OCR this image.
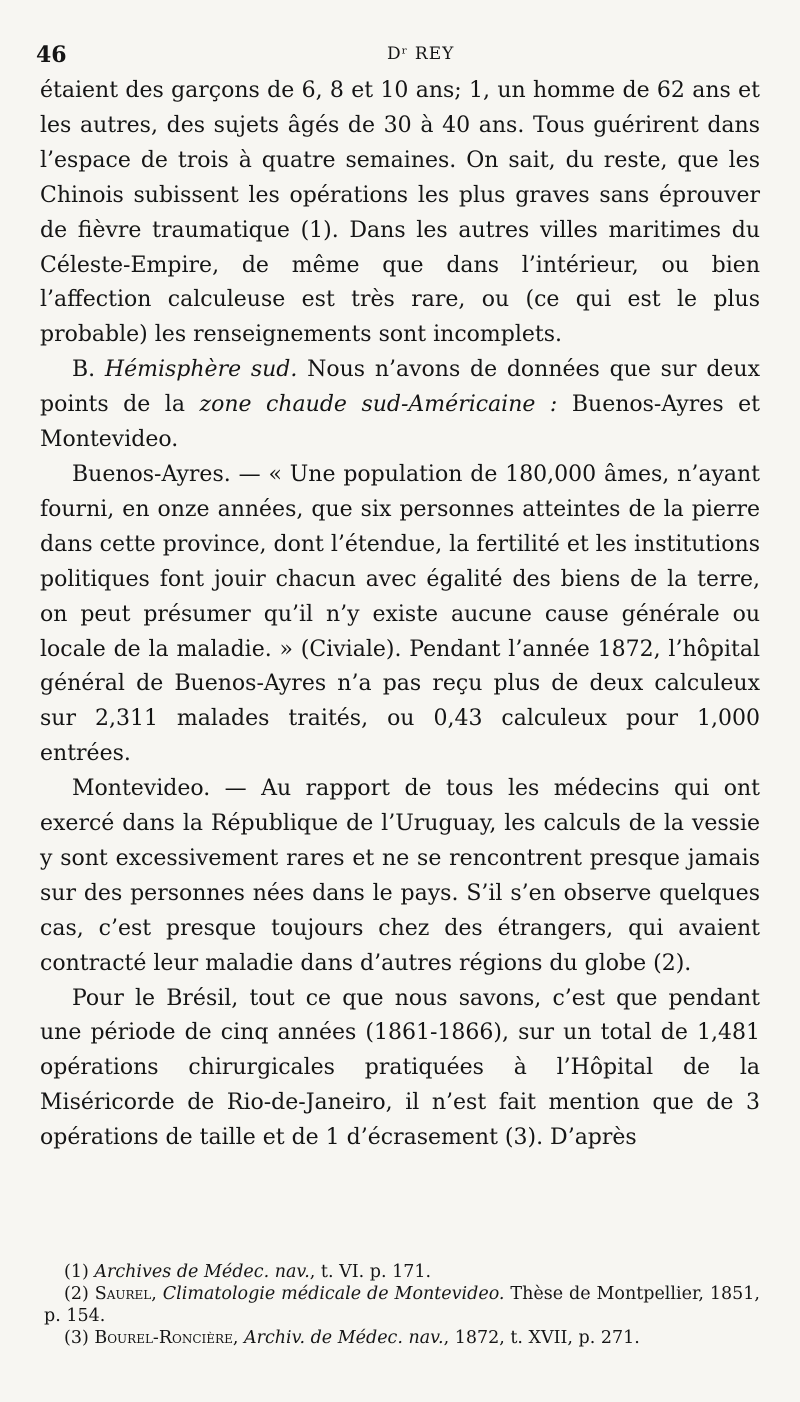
46	Dʳ REY

étaient des garçons de 6, 8 et 10 ans; 1, un homme de 62 ans et les autres, des sujets âgés de 30 à 40 ans. Tous guérirent dans l’espace de trois à quatre semaines. On sait, du reste, que les Chinois subissent les opérations les plus graves sans éprouver de fièvre traumatique (1). Dans les autres villes maritimes du Céleste-Empire, de même que dans l’intérieur, ou bien l’affection calculeuse est très rare, ou (ce qui est le plus probable) les renseignements sont incomplets.

B. Hémisphère sud. Nous n’avons de données que sur deux points de la zone chaude sud-Américaine : Buenos-Ayres et Montevideo.

Buenos-Ayres. — « Une population de 180,000 âmes, n’ayant fourni, en onze années, que six personnes atteintes de la pierre dans cette province, dont l’étendue, la fertilité et les institutions politiques font jouir chacun avec égalité des biens de la terre, on peut présumer qu’il n’y existe aucune cause générale ou locale de la maladie. » (Civiale). Pendant l’année 1872, l’hôpital général de Buenos-Ayres n’a pas reçu plus de deux calculeux sur 2,311 malades traités, ou 0,43 calculeux pour 1,000 entrées.

Montevideo. — Au rapport de tous les médecins qui ont exercé dans la République de l’Uruguay, les calculs de la vessie y sont excessivement rares et ne se rencontrent presque jamais sur des personnes nées dans le pays. S’il s’en observe quelques cas, c’est presque toujours chez des étrangers, qui avaient contracté leur maladie dans d’autres régions du globe (2).

Pour le Brésil, tout ce que nous savons, c’est que pendant une période de cinq années (1861-1866), sur un total de 1,481 opérations chirurgicales pratiquées à l’Hôpital de la Miséricorde de Rio-de-Janeiro, il n’est fait mention que de 3 opérations de taille et de 1 d’écrasement (3). D’après

(1) Archives de Médec. nav., t. VI. p. 171.

(2) Saurel, Climatologie médicale de Montevideo. Thèse de Montpellier, 1851, p. 154.

(3) Bourel-Roncière, Archiv. de Médec. nav., 1872, t. XVII, p. 271.
